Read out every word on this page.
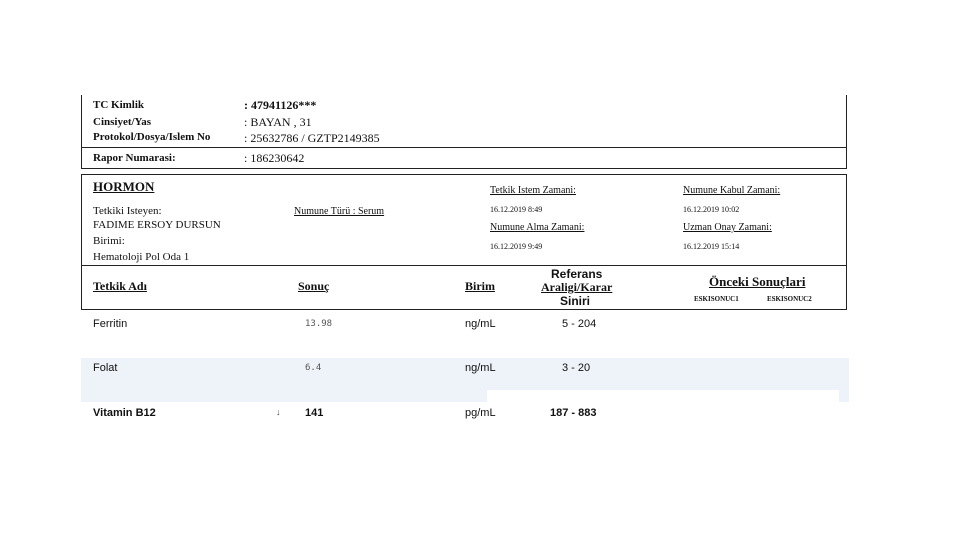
TC Kimlik	: 47941126***
Cinsiyet/Yas	: BAYAN , 31
Protokol/Dosya/Islem No	: 25632786 / GZTP2149385
Rapor Numarasi:	: 186230642
HORMON
Tetkiki Isteyen:
FADIME ERSOY DURSUN
Birimi:
Hematoloji Pol Oda 1
Numune Türü : Serum
Tetkik Istem Zamani:
16.12.2019 8:49
Numune Alma Zamani:
16.12.2019 9:49
Numune Kabul Zamani:
16.12.2019 10:02
Uzman Onay Zamani:
16.12.2019 15:14
Tetkik Adı	Sonuç	Birim
Referans
Araligi/Karar
Siniri
Önceki Sonuçlari
ESKISONUC1	ESKISONUC2
Ferritin	13.98	ng/mL	5 - 204
Folat	6.4	ng/mL	3 - 20
Vitamin B12	↓ 141	pg/mL	187 - 883
